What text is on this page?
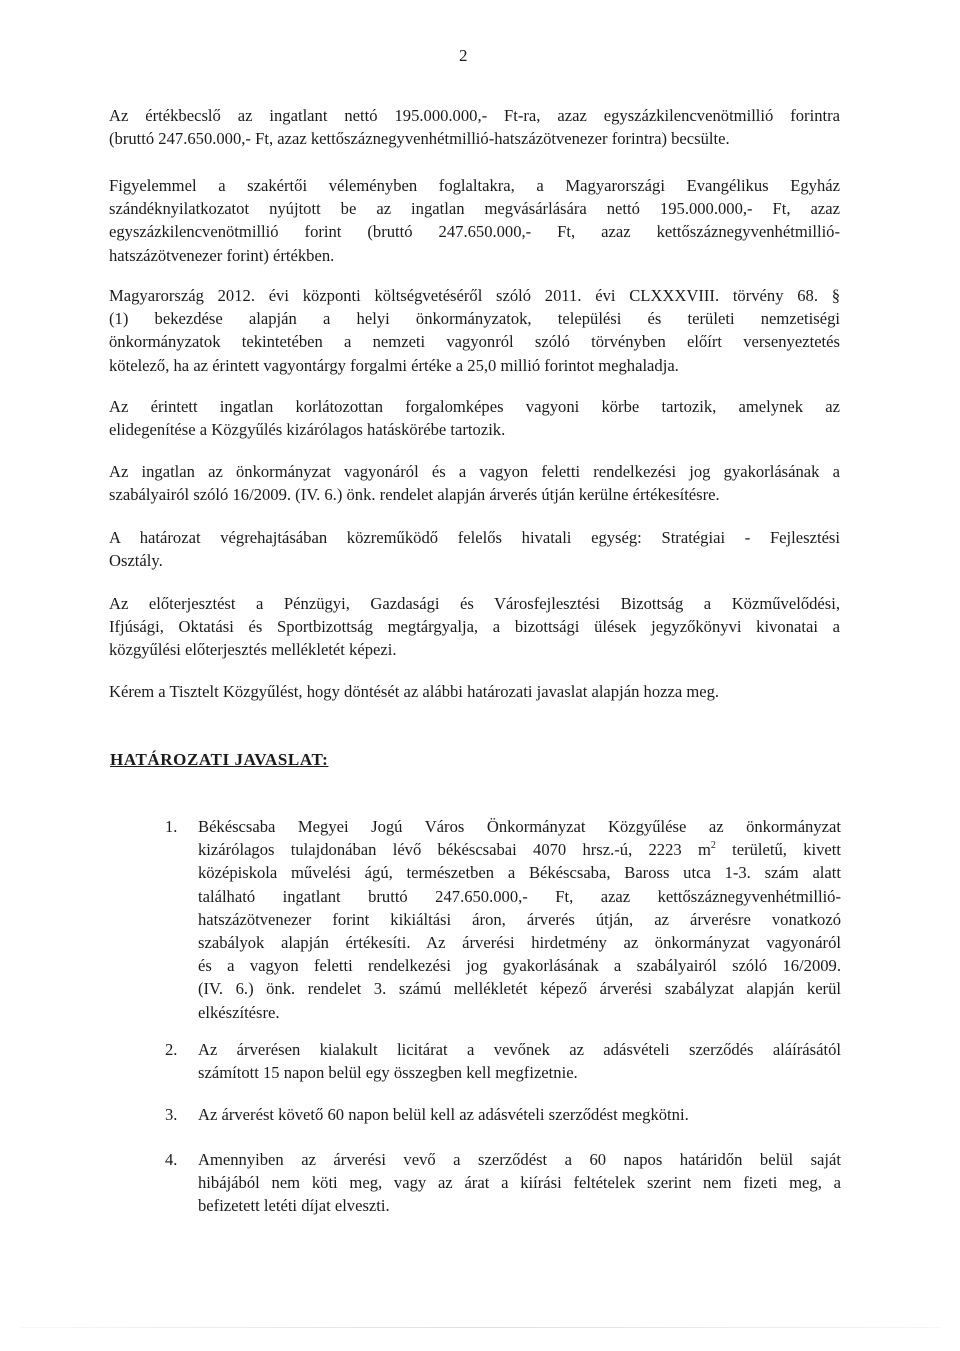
2
Az értékbecslő az ingatlant nettó 195.000.000,- Ft-ra, azaz egyszázkilencvenötmillió forintra
(bruttó 247.650.000,- Ft, azaz kettőszáznegyvenhétmillió-hatszázötvenezer forintra) becsülte.
Figyelemmel a szakértői véleményben foglaltakra, a Magyarországi Evangélikus Egyház
szándéknyilatkozatot nyújtott be az ingatlan megvásárlására nettó 195.000.000,- Ft, azaz
egyszázkilencvenötmillió forint (bruttó 247.650.000,- Ft, azaz kettőszáznegyvenhétmillió-
hatszázötvenezer forint) értékben.
Magyarország 2012. évi központi költségvetéséről szóló 2011. évi CLXXXVIII. törvény 68. §
(1) bekezdése alapján a helyi önkormányzatok, települési és területi nemzetiségi
önkormányzatok tekintetében a nemzeti vagyonról szóló törvényben előírt versenyeztetés
kötelező, ha az érintett vagyontárgy forgalmi értéke a 25,0 millió forintot meghaladja.
Az érintett ingatlan korlátozottan forgalomképes vagyoni körbe tartozik, amelynek az
elidegenítése a Közgyűlés kizárólagos hatáskörébe tartozik.
Az ingatlan az önkormányzat vagyonáról és a vagyon feletti rendelkezési jog gyakorlásának a
szabályairól szóló 16/2009. (IV. 6.) önk. rendelet alapján árverés útján kerülne értékesítésre.
A határozat végrehajtásában közreműködő felelős hivatali egység: Stratégiai - Fejlesztési
Osztály.
Az előterjesztést a Pénzügyi, Gazdasági és Városfejlesztési Bizottság a Közművelődési,
Ifjúsági, Oktatási és Sportbizottság megtárgyalja, a bizottsági ülések jegyzőkönyvi kivonatai a
közgyűlési előterjesztés mellékletét képezi.
Kérem a Tisztelt Közgyűlést, hogy döntését az alábbi határozati javaslat alapján hozza meg.
HATÁROZATI JAVASLAT:
1.	Békéscsaba Megyei Jogú Város Önkormányzat Közgyűlése az önkormányzat
kizárólagos tulajdonában lévő békéscsabai 4070 hrsz.-ú, 2223 $m^2$ területű, kivett
középiskola művelési ágú, természetben a Békéscsaba, Baross utca 1-3. szám alatt
található ingatlant bruttó 247.650.000,- Ft, azaz kettőszáznegyvenhétmillió-
hatszázötvenezer forint kikiáltási áron, árverés útján, az árverésre vonatkozó
szabályok alapján értékesíti. Az árverési hirdetmény az önkormányzat vagyonáról
és a vagyon feletti rendelkezési jog gyakorlásának a szabályairól szóló 16/2009.
(IV. 6.) önk. rendelet 3. számú mellékletét képező árverési szabályzat alapján kerül
elkészítésre.
2.	Az árverésen kialakult licitárat a vevőnek az adásvételi szerződés aláírásától
számított 15 napon belül egy összegben kell megfizetnie.
3.	Az árverést követő 60 napon belül kell az adásvételi szerződést megkötni.
4.	Amennyiben az árverési vevő a szerződést a 60 napos határidőn belül saját
hibájából nem köti meg, vagy az árat a kiírási feltételek szerint nem fizeti meg, a
befizetett letéti díjat elveszti.
